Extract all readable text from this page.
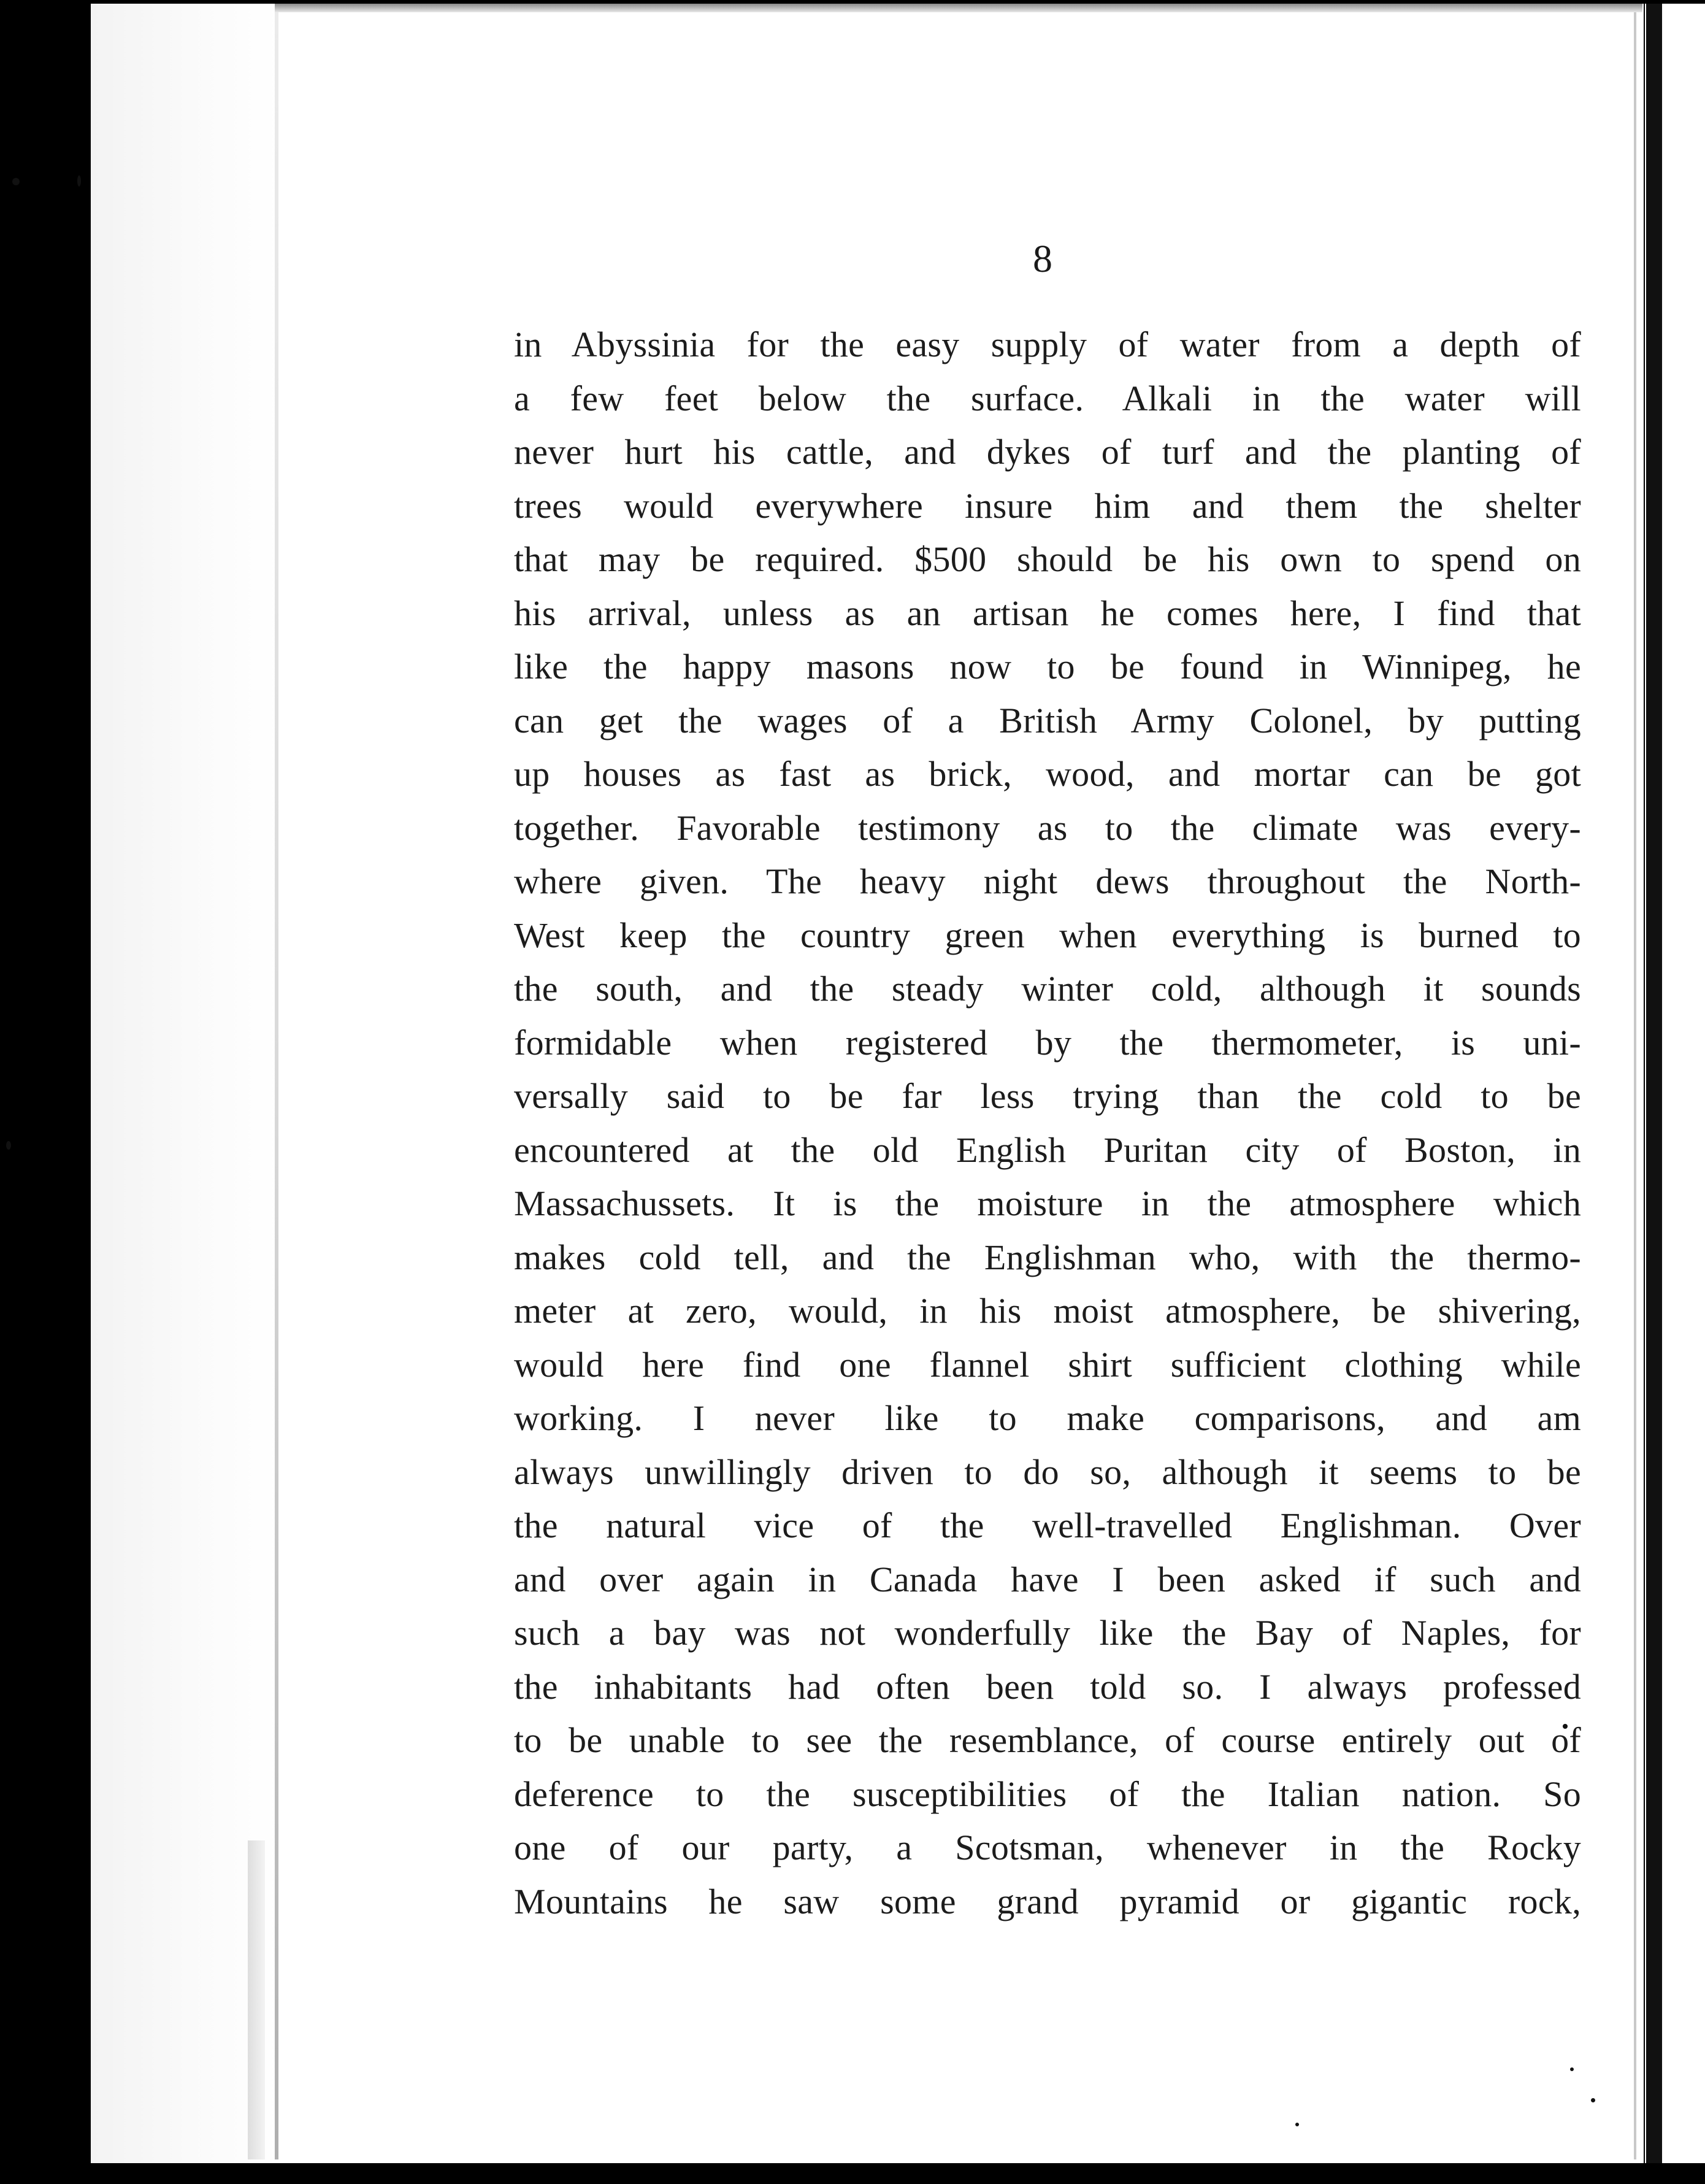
8
in Abyssinia for the easy supply of water from a depth of
a few feet below the surface. Alkali in the water will
never hurt his cattle, and dykes of turf and the planting of
trees would everywhere insure him and them the shelter
that may be required. $500 should be his own to spend on
his arrival, unless as an artisan he comes here, I find that
like the happy masons now to be found in Winnipeg, he
can get the wages of a British Army Colonel, by putting
up houses as fast as brick, wood, and mortar can be got
together. Favorable testimony as to the climate was every-
where given. The heavy night dews throughout the North-
West keep the country green when everything is burned to
the south, and the steady winter cold, although it sounds
formidable when registered by the thermometer, is uni-
versally said to be far less trying than the cold to be
encountered at the old English Puritan city of Boston, in
Massachussets. It is the moisture in the atmosphere which
makes cold tell, and the Englishman who, with the thermo-
meter at zero, would, in his moist atmosphere, be shivering,
would here find one flannel shirt sufficient clothing while
working. I never like to make comparisons, and am
always unwillingly driven to do so, although it seems to be
the natural vice of the well-travelled Englishman. Over
and over again in Canada have I been asked if such and
such a bay was not wonderfully like the Bay of Naples, for
the inhabitants had often been told so. I always professed
to be unable to see the resemblance, of course entirely out of
deference to the susceptibilities of the Italian nation. So
one of our party, a Scotsman, whenever in the Rocky
Mountains he saw some grand pyramid or gigantic rock,
